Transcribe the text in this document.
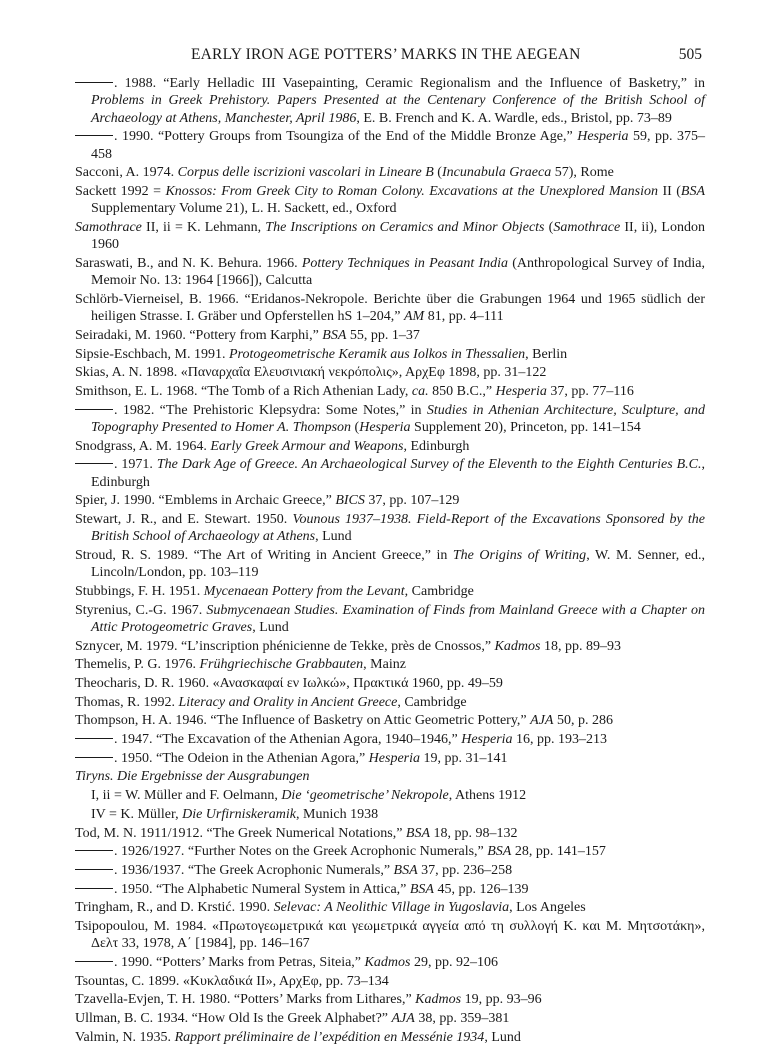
EARLY IRON AGE POTTERS’ MARKS IN THE AEGEAN	505

. 1988. “Early Helladic III Vasepainting, Ceramic Regionalism and the Influence of Basketry,” in Problems in Greek Prehistory. Papers Presented at the Centenary Conference of the British School of Archaeology at Athens, Manchester, April 1986, E. B. French and K. A. Wardle, eds., Bristol, pp. 73–89

. 1990. “Pottery Groups from Tsoungiza of the End of the Middle Bronze Age,” Hesperia 59, pp. 375–458

Sacconi, A. 1974. Corpus delle iscrizioni vascolari in Lineare B (Incunabula Graeca 57), Rome

Sackett 1992 = Knossos: From Greek City to Roman Colony. Excavations at the Unexplored Mansion II (BSA Supplementary Volume 21), L. H. Sackett, ed., Oxford

Samothrace II, ii = K. Lehmann, The Inscriptions on Ceramics and Minor Objects (Samothrace II, ii), London 1960

Saraswati, B., and N. K. Behura. 1966. Pottery Techniques in Peasant India (Anthropological Survey of India, Memoir No. 13: 1964 [1966]), Calcutta

Schlörb-Vierneisel, B. 1966. “Eridanos-Nekropole. Berichte über die Grabungen 1964 und 1965 südlich der heiligen Strasse. I. Gräber und Opferstellen hS 1–204,” AM 81, pp. 4–111

Seiradaki, M. 1960. “Pottery from Karphi,” BSA 55, pp. 1–37

Sipsie-Eschbach, M. 1991. Protogeometrische Keramik aus Iolkos in Thessalien, Berlin

Skias, A. N. 1898. «Παναρχαΐα Ελευσινιακή νεκρόπολις», ΑρχΕφ 1898, pp. 31–122

Smithson, E. L. 1968. “The Tomb of a Rich Athenian Lady, ca. 850 B.C.,” Hesperia 37, pp. 77–116

. 1982. “The Prehistoric Klepsydra: Some Notes,” in Studies in Athenian Architecture, Sculpture, and Topography Presented to Homer A. Thompson (Hesperia Supplement 20), Princeton, pp. 141–154

Snodgrass, A. M. 1964. Early Greek Armour and Weapons, Edinburgh

. 1971. The Dark Age of Greece. An Archaeological Survey of the Eleventh to the Eighth Centuries B.C., Edinburgh

Spier, J. 1990. “Emblems in Archaic Greece,” BICS 37, pp. 107–129

Stewart, J. R., and E. Stewart. 1950. Vounous 1937–1938. Field-Report of the Excavations Sponsored by the British School of Archaeology at Athens, Lund

Stroud, R. S. 1989. “The Art of Writing in Ancient Greece,” in The Origins of Writing, W. M. Senner, ed., Lincoln/London, pp. 103–119

Stubbings, F. H. 1951. Mycenaean Pottery from the Levant, Cambridge

Styrenius, C.-G. 1967. Submycenaean Studies. Examination of Finds from Mainland Greece with a Chapter on Attic Protogeometric Graves, Lund

Sznycer, M. 1979. “L’inscription phénicienne de Tekke, près de Cnossos,” Kadmos 18, pp. 89–93

Themelis, P. G. 1976. Frühgriechische Grabbauten, Mainz

Theocharis, D. R. 1960. «Ανασκαφαί εν Ιωλκώ», Πρακτικά 1960, pp. 49–59

Thomas, R. 1992. Literacy and Orality in Ancient Greece, Cambridge

Thompson, H. A. 1946. “The Influence of Basketry on Attic Geometric Pottery,” AJA 50, p. 286

. 1947. “The Excavation of the Athenian Agora, 1940–1946,” Hesperia 16, pp. 193–213

. 1950. “The Odeion in the Athenian Agora,” Hesperia 19, pp. 31–141

Tiryns. Die Ergebnisse der Ausgrabungen

I, ii = W. Müller and F. Oelmann, Die ‘geometrische’ Nekropole, Athens 1912

IV = K. Müller, Die Urfirniskeramik, Munich 1938

Tod, M. N. 1911/1912. “The Greek Numerical Notations,” BSA 18, pp. 98–132

. 1926/1927. “Further Notes on the Greek Acrophonic Numerals,” BSA 28, pp. 141–157

. 1936/1937. “The Greek Acrophonic Numerals,” BSA 37, pp. 236–258

. 1950. “The Alphabetic Numeral System in Attica,” BSA 45, pp. 126–139

Tringham, R., and D. Krstić. 1990. Selevac: A Neolithic Village in Yugoslavia, Los Angeles

Tsipopoulou, M. 1984. «Πρωτογεωμετρικά και γεωμετρικά αγγεία από τη συλλογή Κ. και Μ. Μητσοτάκη», Δελτ 33, 1978, Α΄ [1984], pp. 146–167

. 1990. “Potters’ Marks from Petras, Siteia,” Kadmos 29, pp. 92–106

Tsountas, C. 1899. «Κυκλαδικά ΙΙ», ΑρχΕφ, pp. 73–134

Tzavella-Evjen, T. H. 1980. “Potters’ Marks from Lithares,” Kadmos 19, pp. 93–96

Ullman, B. C. 1934. “How Old Is the Greek Alphabet?” AJA 38, pp. 359–381

Valmin, N. 1935. Rapport préliminaire de l’expédition en Messénie 1934, Lund
